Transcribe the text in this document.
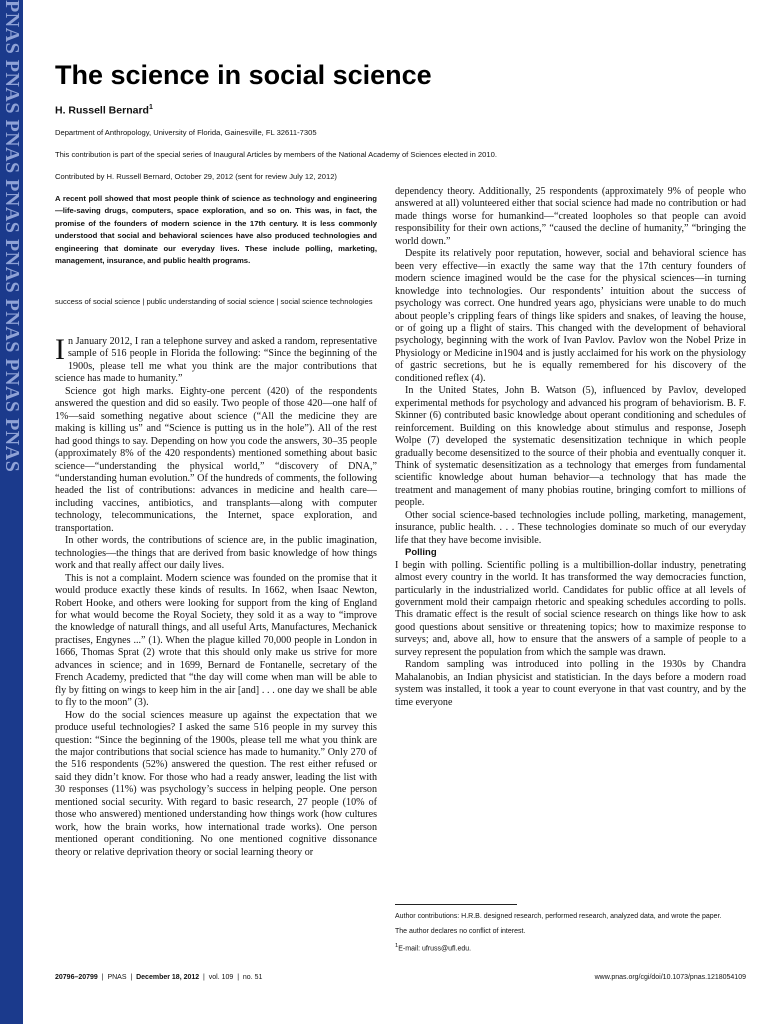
PNAS PNAS PNAS PNAS PNAS PNAS PNAS PNAS The science in social science
H. Russell Bernard$^1$
Department of Anthropology, University of Florida, Gainesville, FL 32611-7305
This contribution is part of the special series of Inaugural Articles by members of the National Academy of Sciences elected in 2010.
Contributed by H. Russell Bernard, October 29, 2012 (sent for review July 12, 2012)
A recent poll showed that most people think of science as technology and engineering—life-saving drugs, computers, space exploration, and so on. This was, in fact, the promise of the founders of modern science in the 17th century. It is less commonly understood that social and behavioral sciences have also produced technologies and engineering that dominate our everyday lives. These include polling, marketing, management, insurance, and public health programs.
success of social science | public understanding of social science | social science technologies

In January 2012, I ran a telephone survey and asked a random, representative sample of 516 people in Florida the following: “Since the beginning of the 1900s, please tell me what you think are the major contributions that science has made to humanity.”

Science got high marks. Eighty-one percent (420) of the respondents answered the question and did so easily. Two people of those 420—one half of 1%—said something negative about science (“All the medicine they are making is killing us” and “Science is putting us in the hole”). All of the rest had good things to say. Depending on how you code the answers, 30–35 people (approximately 8% of the 420 respondents) mentioned something about basic science—“understanding the physical world,” “discovery of DNA,” “understanding human evolution.” Of the hundreds of comments, the following headed the list of contributions: advances in medicine and health care—including vaccines, antibiotics, and transplants—along with computer technology, telecommunications, the Internet, space exploration, and transportation.

In other words, the contributions of science are, in the public imagination, technologies—the things that are derived from basic knowledge of how things work and that really affect our daily lives.

This is not a complaint. Modern science was founded on the promise that it would produce exactly these kinds of results. In 1662, when Isaac Newton, Robert Hooke, and others were looking for support from the king of England for what would become the Royal Society, they sold it as a way to “improve the knowledge of naturall things, and all useful Arts, Manufactures, Mechanick practises, Engynes ...” (1). When the plague killed 70,000 people in London in 1666, Thomas Sprat (2) wrote that this should only make us strive for more advances in science; and in 1699, Bernard de Fontanelle, secretary of the French Academy, predicted that “the day will come when man will be able to fly by fitting on wings to keep him in the air [and] . . . one day we shall be able to fly to the moon” (3).

How do the social sciences measure up against the expectation that we produce useful technologies? I asked the same 516 people in my survey this question: “Since the beginning of the 1900s, please tell me what you think are the major contributions that social science has made to humanity.” Only 270 of the 516 respondents (52%) answered the question. The rest either refused or said they didn’t know. For those who had a ready answer, leading the list with 30 responses (11%) was psychology’s success in helping people. One person mentioned social security. With regard to basic research, 27 people (10% of those who answered) mentioned understanding how things work (how cultures work, how the brain works, how international trade works). One person mentioned operant conditioning. No one mentioned cognitive dissonance theory or relative deprivation theory or social learning theory or

dependency theory. Additionally, 25 respondents (approximately 9% of people who answered at all) volunteered either that social science had made no contribution or had made things worse for humankind—“created loopholes so that people can avoid responsibility for their own actions,” “caused the decline of humanity,” “bringing the world down.”

Despite its relatively poor reputation, however, social and behavioral science has been very effective—in exactly the same way that the 17th century founders of modern science imagined would be the case for the physical sciences—in turning knowledge into technologies. Our respondents’ intuition about the success of psychology was correct. One hundred years ago, physicians were unable to do much about people’s crippling fears of things like spiders and snakes, of leaving the house, or of going up a flight of stairs. This changed with the development of behavioral psychology, beginning with the work of Ivan Pavlov. Pavlov won the Nobel Prize in Physiology or Medicine in1904 and is justly acclaimed for his work on the physiology of gastric secretions, but he is equally remembered for his discovery of the conditioned reflex (4).

In the United States, John B. Watson (5), influenced by Pavlov, developed experimental methods for psychology and advanced his program of behaviorism. B. F. Skinner (6) contributed basic knowledge about operant conditioning and schedules of reinforcement. Building on this knowledge about stimulus and response, Joseph Wolpe (7) developed the systematic desensitization technique in which people gradually become desensitized to the source of their phobia and eventually conquer it. Think of systematic desensitization as a technology that emerges from fundamental scientific knowledge about human behavior—a technology that has made the treatment and management of many phobias routine, bringing comfort to millions of people.

Other social science-based technologies include polling, marketing, management, insurance, public health. . . . These technologies dominate so much of our everyday life that they have become invisible.

Polling

I begin with polling. Scientific polling is a multibillion-dollar industry, penetrating almost every country in the world. It has transformed the way democracies function, particularly in the industrialized world. Candidates for public office at all levels of government mold their campaign rhetoric and speaking schedules according to polls. This dramatic effect is the result of social science research on things like how to ask good questions about sensitive or threatening topics; how to maximize response to surveys; and, above all, how to ensure that the answers of a sample of people to a survey represent the population from which the sample was drawn.

Random sampling was introduced into polling in the 1930s by Chandra Mahalanobis, an Indian physicist and statistician. In the days before a modern road system was installed, it took a year to count everyone in that vast country, and by the time everyone

Author contributions: H.R.B. designed research, performed research, analyzed data, and wrote the paper.
The author declares no conflict of interest.
$^1$E-mail: ufruss@ufl.edu.
20796–20799 | PNAS | December 18, 2012 | vol. 109 | no. 51	www.pnas.org/cgi/doi/10.1073/pnas.1218054109
